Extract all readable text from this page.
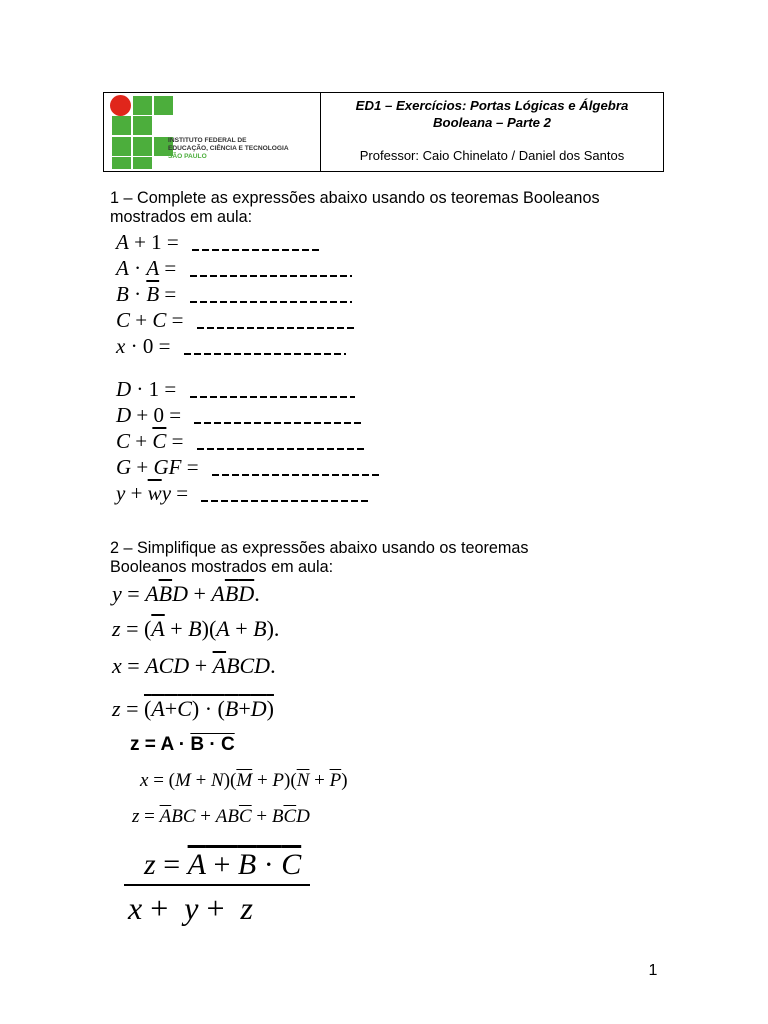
INSTITUTO FEDERAL DE
EDUCAÇÃO, CIÊNCIA E TECNOLOGIA
SÃO PAULO
ED1 – Exercícios: Portas Lógicas e Álgebra
Booleana – Parte 2
Professor: Caio Chinelato / Daniel dos Santos
1 – Complete as expressões abaixo usando os teoremas Booleanos
mostrados em aula:
A + 1 =
A · A =
$B \cdot \overline{B}$ =
C + C =
x · 0 =
D · 1 =
D + 0 =
$C + \overline{C}$ =
G + GF =
$y + \overline{w}y$ =
2 – Simplifique as expressões abaixo usando os teoremas
Booleanos mostrados em aula:
$y = A\overline{B}D + A\overline{B}\overline{D}$.
$z = (\overline{A} + B)(A + B)$.
x = ACD + $\overline{A}BCD$.
z = (A+C) · (B+D)
z = A · B · C
$x = (M + N)(\overline{M} + P)(\overline{N} + \overline{P})$
$z = \overline{A}BC + AB\overline{C} + B\overline{C}D$
z = A + B · C
x +  y +  z
1
